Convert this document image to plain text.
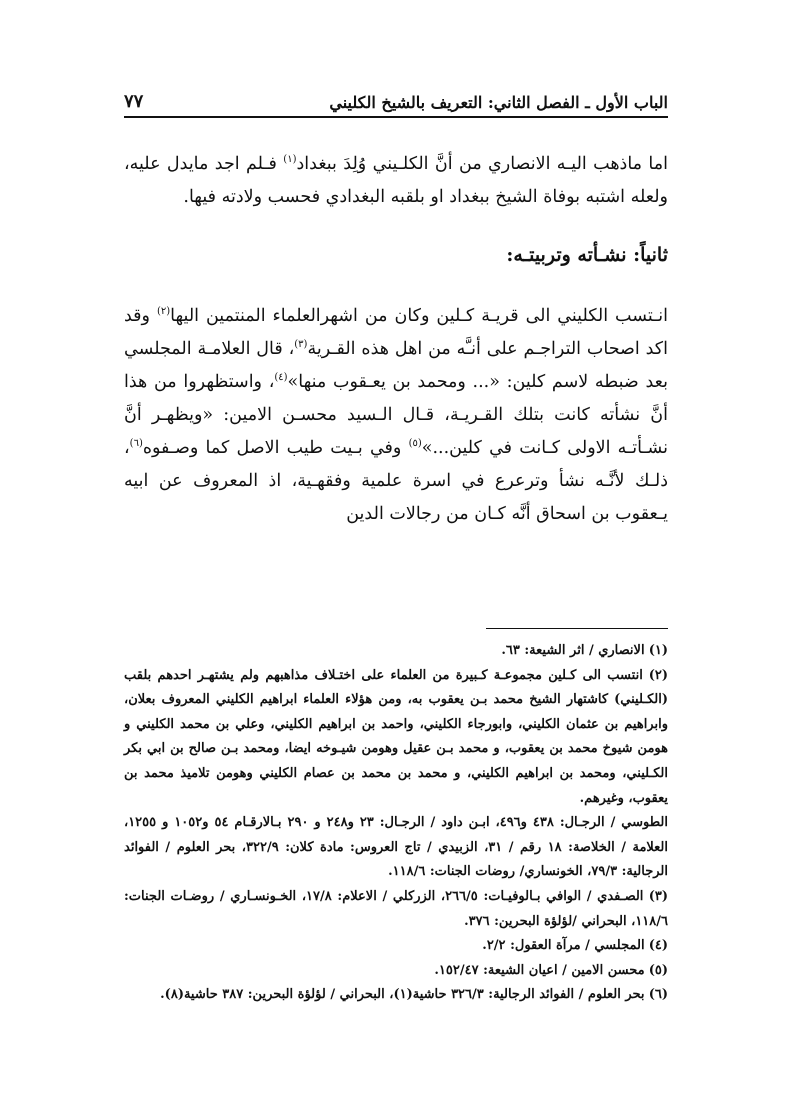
الباب الأول ـ الفصل الثاني: التعريف بالشيخ الكليني
٧٧

اما ماذهب اليـه الانصاري من أنَّ الكلـيني وُلِدَ ببغداد$^{(١)}$ فـلم اجد مايدل عليه، ولعله اشتبه بوفاة الشيخ ببغداد او بلقبه البغدادي فحسب ولادته فيها.

ثانياً: نشـأته وتربيتـه:

انـتسب الكليني الى قريـة كـلين وكان من اشهرالعلماء المنتمين اليها$^{(٢)}$ وقد اكد اصحاب التراجـم على أنـَّه من اهل هذه القـرية$^{(٣)}$، قال العلامـة المجلسي بعد ضبطه لاسم كلين: «... ومحمد بن يعـقوب منها»$^{(٤)}$، واستظهروا من هذا أنَّ نشأته كانت بتلك القـريـة، قـال الـسيد محسـن الامين: «ويظهـر أنَّ نشـأتـه الاولى كـانت في كلين...»$^{(٥)}$ وفي بـيت طيب الاصل كما وصـفوه$^{(٦)}$، ذلـك لأنَّـه نشأ وترعرع في اسرة علمية وفقهـية، اذ المعروف عن ابيه يـعقوب بن اسحاق أنَّه كـان من رجالات الدين

(١) الانصاري / اثر الشيعة: ٦٣.

(٢) انتسب الى كـلين مجموعـة كـبيرة من العلماء على اختـلاف مذاهبهم ولم يشتهـر احدهم بلقب (الكـليني) كاشتهار الشيخ محمد بـن يعقوب به، ومن هؤلاء العلماء ابراهيم الكليني المعروف بعلان، وابراهيم بن عثمان الكليني، وابورجاء الكليني، واحمد بن ابراهيم الكليني، وعلي بن محمد الكليني و هومن شيوخ محمد بن يعقوب، و محمد بـن عقيل وهومن شيـوخه ايضا، ومحمد بـن صالح بن ابي بكر الكـليني، ومحمد بن ابراهيم الكليني، و محمد بن محمد بن عصام الكليني وهومن تلاميذ محمد بن يعقوب، وغيرهم.

الطوسي / الرجـال: ٤٣٨ و٤٩٦، ابـن داود / الرجـال: ٢٣ و٢٤٨ و ٢٩٠ بـالارقـام ٥٤ و١٠٥٢ و ١٢٥٥، العلامة / الخلاصة: ١٨ رقم / ٣١، الزبيدي / تاج العروس: مادة كلان: ٣٢٢/٩، بحر العلوم / الفوائد الرجالية: ٧٩/٣، الخونساري/ روضات الجنات: ١١٨/٦.

(٣) الصـفدي / الوافي بـالوفيـات: ٢٦٦/٥، الزركلي / الاعلام: ١٧/٨، الخـونسـاري / روضـات الجنات: ١١٨/٦، البحراني /لؤلؤة البحرين: ٣٧٦.

(٤) المجلسي / مرآة العقول: ٢/٢.

(٥) محسن الامين / اعيان الشيعة: ١٥٢/٤٧.

(٦) بحر العلوم / الفوائد الرجالية: ٣٢٦/٣ حاشية(١)، البحراني / لؤلؤة البحرين: ٣٨٧ حاشية(٨).
